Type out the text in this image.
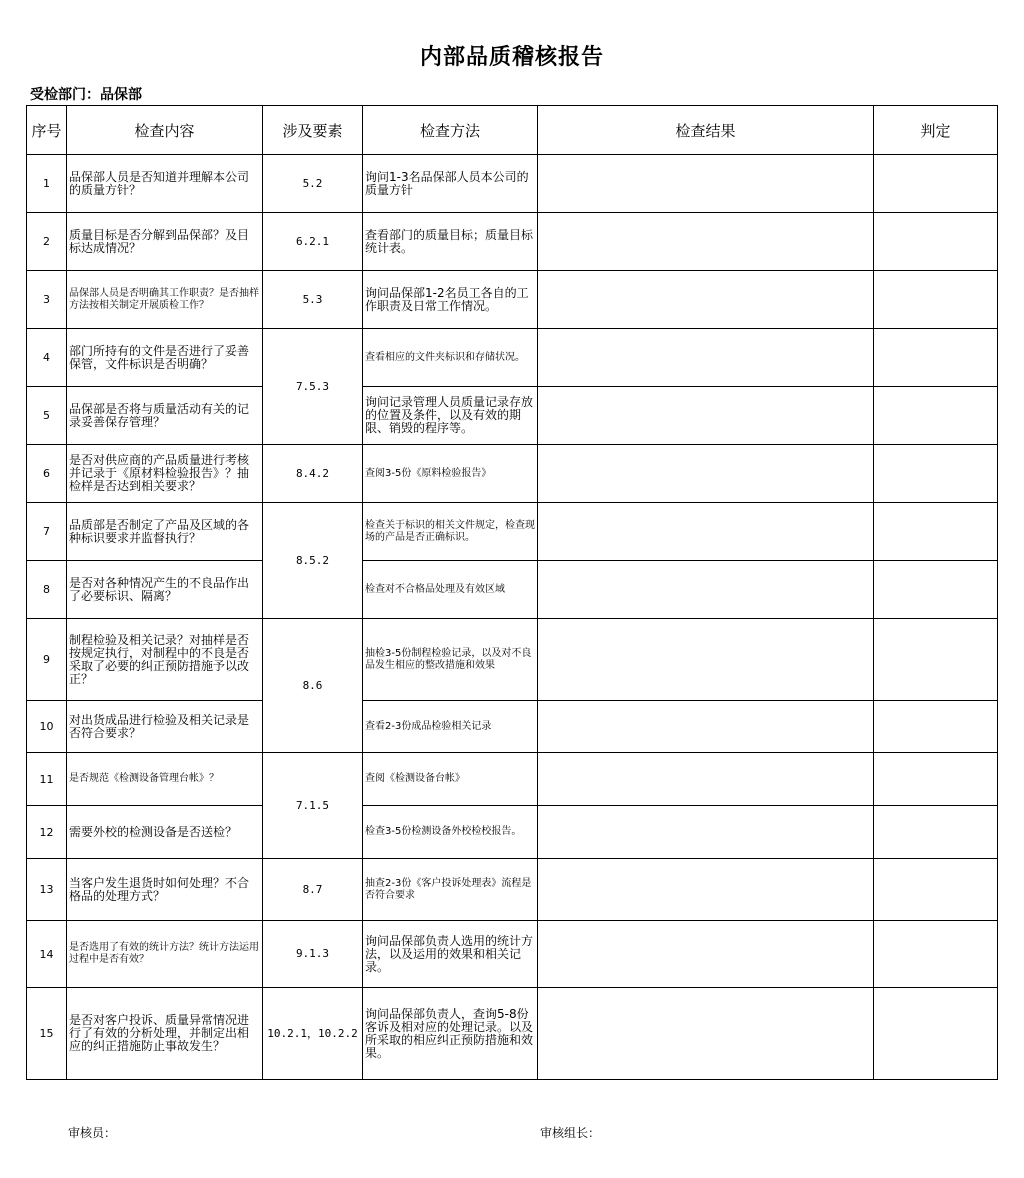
内部品质稽核报告
受检部门：品保部
序号	检查内容	涉及要素	检查方法	检查结果	判定
1	品保部人员是否知道并理解本公司的质量方针？	5.2	询问1-3名品保部人员本公司的质量方针		
2	质量目标是否分解到品保部？及目标达成情况？	6.2.1	查看部门的质量目标；质量目标统计表。		
3	品保部人员是否明确其工作职责？是否抽样方法按相关制定开展质检工作？	5.3	询问品保部1-2名员工各自的工作职责及日常工作情况。		
4	部门所持有的文件是否进行了妥善保管，文件标识是否明确？	7.5.3	查看相应的文件夹标识和存储状况。		
5	品保部是否将与质量活动有关的记录妥善保存管理？		询问记录管理人员质量记录存放的位置及条件，以及有效的期限、销毁的程序等。		
6	是否对供应商的产品质量进行考核并记录于《原材料检验报告》？抽检样是否达到相关要求？	8.4.2	查阅3-5份《原料检验报告》		
7	品质部是否制定了产品及区域的各种标识要求并监督执行？	8.5.2	检查关于标识的相关文件规定，检查现场的产品是否正确标识。		
8	是否对各种情况产生的不良品作出了必要标识、隔离？		检查对不合格品处理及有效区域		
9	制程检验及相关记录？对抽样是否按规定执行，对制程中的不良是否采取了必要的纠正预防措施予以改正？	8.6	抽检3-5份制程检验记录，以及对不良品发生相应的整改措施和效果		
10	对出货成品进行检验及相关记录是否符合要求？		查看2-3份成品检验相关记录		
11	是否规范《检测设备管理台帐》？	7.1.5	查阅《检测设备台帐》		
12	需要外校的检测设备是否送检？		检查3-5份检测设备外校检校报告。		
13	当客户发生退货时如何处理？不合格品的处理方式？	8.7	抽查2-3份《客户投诉处理表》流程是否符合要求		
14	是否选用了有效的统计方法？统计方法运用过程中是否有效？	9.1.3	询问品保部负责人选用的统计方法，以及运用的效果和相关记录。		
15	是否对客户投诉、质量异常情况进行了有效的分析处理，并制定出相应的纠正措施防止事故发生？	10.2.1，10.2.2	询问品保部负责人，查询5-8份客诉及相对应的处理记录。以及所采取的相应纠正预防措施和效果。		
审核员：	审核组长：
